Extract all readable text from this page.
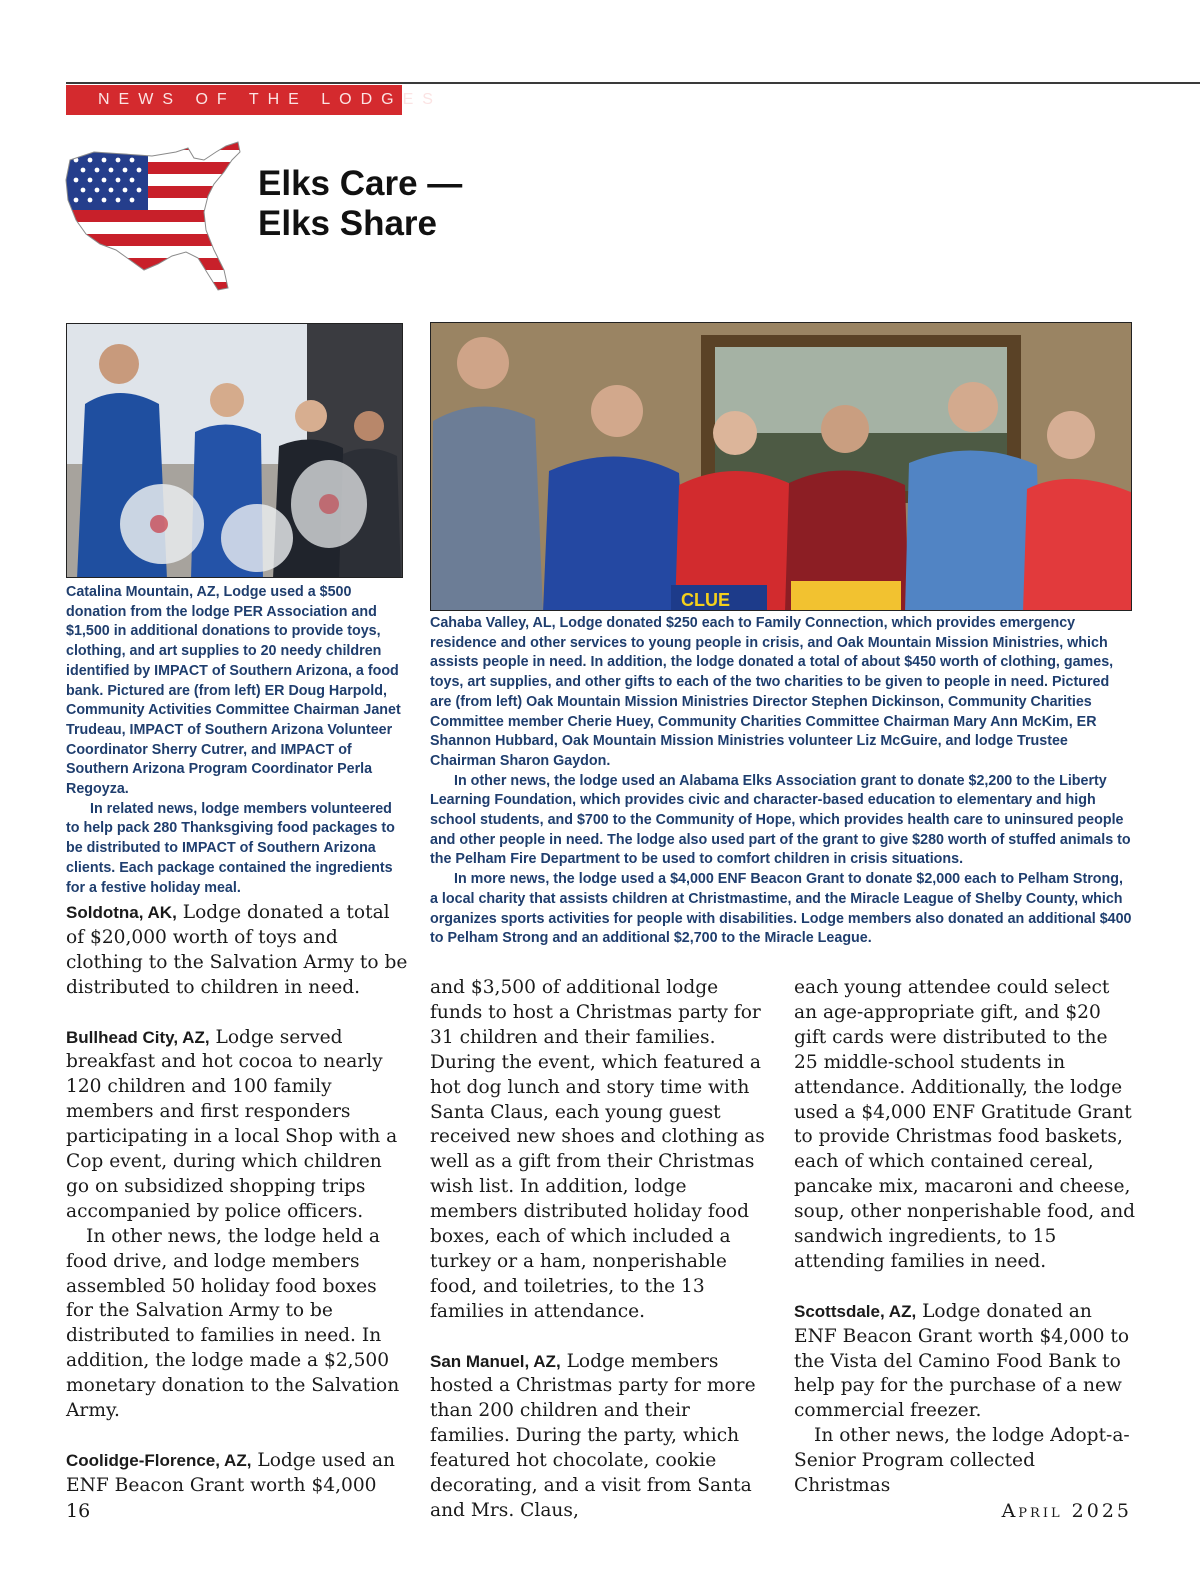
NEWS OF THE LODGES
Elks Care —
Elks Share
CLUE

Catalina Mountain, AZ, Lodge used a $500 donation from the lodge PER Association and $1,500 in additional donations to provide toys, clothing, and art supplies to 20 needy children identified by IMPACT of Southern Arizona, a food bank. Pictured are (from left) ER Doug Harpold, Community Activities Committee Chairman Janet Trudeau, IMPACT of Southern Arizona Volunteer Coordinator Sherry Cutrer, and IMPACT of Southern Arizona Program Coordinator Perla Regoyza.

In related news, lodge members volunteered to help pack 280 Thanksgiving food packages to be distributed to IMPACT of Southern Arizona clients. Each package contained the ingredients for a festive holiday meal.

Cahaba Valley, AL, Lodge donated $250 each to Family Connection, which provides emergency residence and other services to young people in crisis, and Oak Mountain Mission Ministries, which assists people in need. In addition, the lodge donated a total of about $450 worth of clothing, games, toys, art supplies, and other gifts to each of the two charities to be given to people in need. Pictured are (from left) Oak Mountain Mission Ministries Director Stephen Dickinson, Community Charities Committee member Cherie Huey, Community Charities Committee Chairman Mary Ann McKim, ER Shannon Hubbard, Oak Mountain Mission Ministries volunteer Liz McGuire, and lodge Trustee Chairman Sharon Gaydon.

In other news, the lodge used an Alabama Elks Association grant to donate $2,200 to the Liberty Learning Foundation, which provides civic and character-based education to elementary and high school students, and $700 to the Community of Hope, which provides health care to uninsured people and other people in need. The lodge also used part of the grant to give $280 worth of stuffed animals to the Pelham Fire Department to be used to comfort children in crisis situations.

In more news, the lodge used a $4,000 ENF Beacon Grant to donate $2,000 each to Pelham Strong, a local charity that assists children at Christmastime, and the Miracle League of Shelby County, which organizes sports activities for people with disabilities. Lodge members also donated an additional $400 to Pelham Strong and an additional $2,700 to the Miracle League.

Soldotna, AK, Lodge donated a total of $20,000 worth of toys and clothing to the Salvation Army to be distributed to children in need.

Bullhead City, AZ, Lodge served breakfast and hot cocoa to nearly 120 children and 100 family members and first responders participating in a local Shop with a Cop event, during which children go on subsidized shopping trips accompanied by police officers.

In other news, the lodge held a food drive, and lodge members assembled 50 holiday food boxes for the Salvation Army to be distributed to families in need. In addition, the lodge made a $2,500 monetary donation to the Salvation Army.

Coolidge-Florence, AZ, Lodge used an ENF Beacon Grant worth $4,000

and $3,500 of additional lodge funds to host a Christmas party for 31 children and their families. During the event, which featured a hot dog lunch and story time with Santa Claus, each young guest received new shoes and clothing as well as a gift from their Christmas wish list. In addition, lodge members distributed holiday food boxes, each of which included a turkey or a ham, nonperishable food, and toiletries, to the 13 families in attendance.

San Manuel, AZ, Lodge members hosted a Christmas party for more than 200 children and their families. During the party, which featured hot chocolate, cookie decorating, and a visit from Santa and Mrs. Claus,

each young attendee could select an age-appropriate gift, and $20 gift cards were distributed to the 25 middle-school students in attendance. Additionally, the lodge used a $4,000 ENF Gratitude Grant to provide Christmas food baskets, each of which contained cereal, pancake mix, macaroni and cheese, soup, other nonperishable food, and sandwich ingredients, to 15 attending families in need.

Scottsdale, AZ, Lodge donated an ENF Beacon Grant worth $4,000 to the Vista del Camino Food Bank to help pay for the purchase of a new commercial freezer.

In other news, the lodge Adopt-a-Senior Program collected Christmas

16	April 2025
